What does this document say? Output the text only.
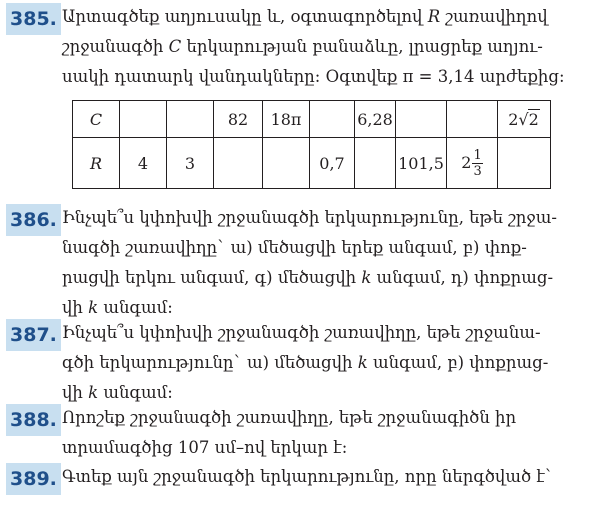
385. Արտագծեք աղյուսակը և, օգտագործելով R շառավիղով
շրջանագծի C երկարության բանաձևը, լրացրեք աղյու-
սակի դատարկ վանդակները: Օգտվեք π = 3,14 արժեքից:
C			82	18π		6,28			2√2
R	4	3			0,7		101,5	$2 \frac{1}{3}$

386. Ինչպե՞ս կփոխվի շրջանագծի երկարությունը, եթե շրջա-
նագծի շառավիղը` ա) մեծացվի երեք անգամ, բ) փոք-
րացվի երկու անգամ, գ) մեծացվի k անգամ, դ) փոքրաց-
վի k անգամ:
387. Ինչպե՞ս կփոխվի շրջանագծի շառավիղը, եթե շրջանա-
գծի երկարությունը` ա) մեծացվի k անգամ, բ) փոքրաց-
վի k անգամ:
388. Որոշեք շրջանագծի շառավիղը, եթե շրջանագիծն իր
տրամագծից 107 սմ–ով երկար է:
389. Գտեք այն շրջանագծի երկարությունը, որը ներգծված է`
